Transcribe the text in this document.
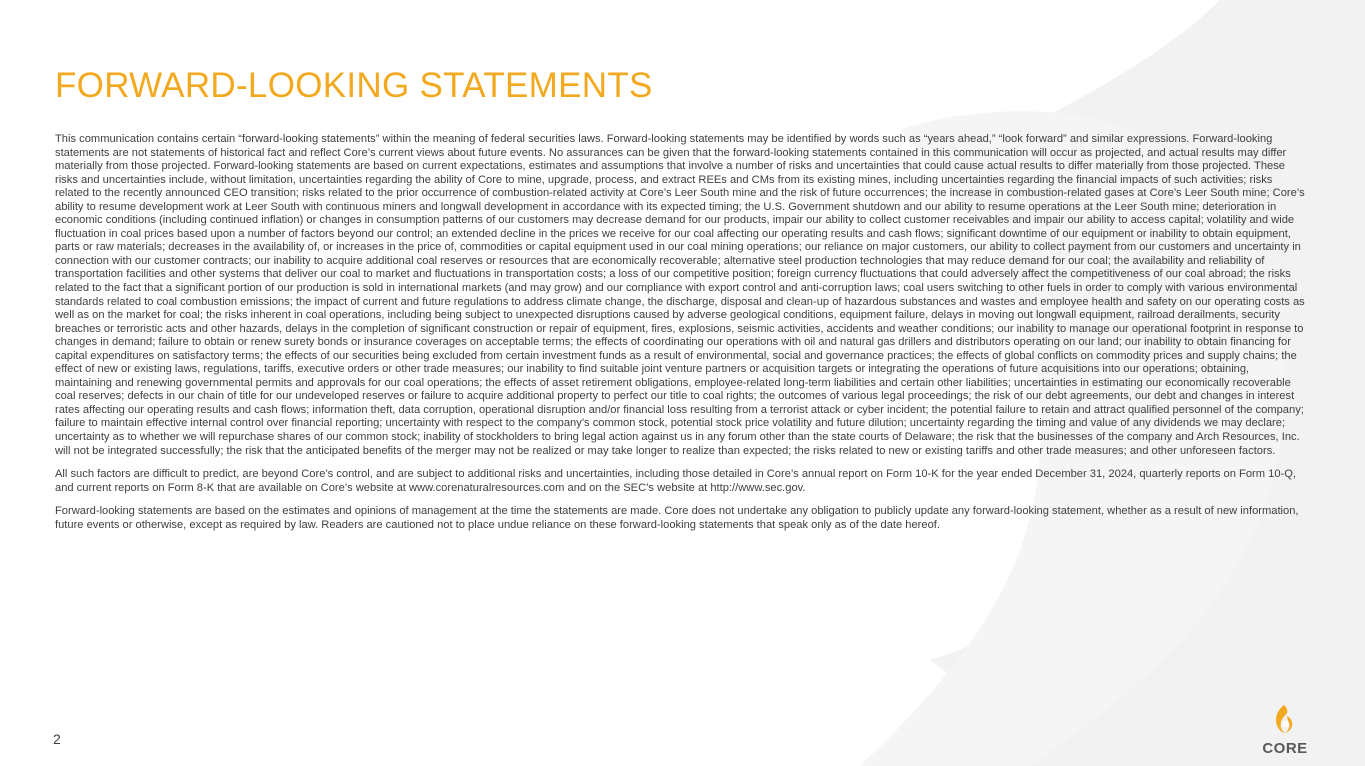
FORWARD-LOOKING STATEMENTS

This communication contains certain “forward-looking statements” within the meaning of federal securities laws. Forward-looking statements may be identified by words such as “years ahead,” “look forward” and similar expressions. Forward-looking statements are not statements of historical fact and reflect Core’s current views about future events. No assurances can be given that the forward-looking statements contained in this communication will occur as projected, and actual results may differ materially from those projected. Forward-looking statements are based on current expectations, estimates and assumptions that involve a number of risks and uncertainties that could cause actual results to differ materially from those projected. These risks and uncertainties include, without limitation, uncertainties regarding the ability of Core to mine, upgrade, process, and extract REEs and CMs from its existing mines, including uncertainties regarding the financial impacts of such activities; risks related to the recently announced CEO transition; risks related to the prior occurrence of combustion-related activity at Core’s Leer South mine and the risk of future occurrences; the increase in combustion-related gases at Core’s Leer South mine; Core’s ability to resume development work at Leer South with continuous miners and longwall development in accordance with its expected timing; the U.S. Government shutdown and our ability to resume operations at the Leer South mine; deterioration in economic conditions (including continued inflation) or changes in consumption patterns of our customers may decrease demand for our products, impair our ability to collect customer receivables and impair our ability to access capital; volatility and wide fluctuation in coal prices based upon a number of factors beyond our control; an extended decline in the prices we receive for our coal affecting our operating results and cash flows; significant downtime of our equipment or inability to obtain equipment, parts or raw materials; decreases in the availability of, or increases in the price of, commodities or capital equipment used in our coal mining operations; our reliance on major customers, our ability to collect payment from our customers and uncertainty in connection with our customer contracts; our inability to acquire additional coal reserves or resources that are economically recoverable; alternative steel production technologies that may reduce demand for our coal; the availability and reliability of transportation facilities and other systems that deliver our coal to market and fluctuations in transportation costs; a loss of our competitive position; foreign currency fluctuations that could adversely affect the competitiveness of our coal abroad; the risks related to the fact that a significant portion of our production is sold in international markets (and may grow) and our compliance with export control and anti-corruption laws; coal users switching to other fuels in order to comply with various environmental standards related to coal combustion emissions; the impact of current and future regulations to address climate change, the discharge, disposal and clean-up of hazardous substances and wastes and employee health and safety on our operating costs as well as on the market for coal; the risks inherent in coal operations, including being subject to unexpected disruptions caused by adverse geological conditions, equipment failure, delays in moving out longwall equipment, railroad derailments, security breaches or terroristic acts and other hazards, delays in the completion of significant construction or repair of equipment, fires, explosions, seismic activities, accidents and weather conditions; our inability to manage our operational footprint in response to changes in demand; failure to obtain or renew surety bonds or insurance coverages on acceptable terms; the effects of coordinating our operations with oil and natural gas drillers and distributors operating on our land; our inability to obtain financing for capital expenditures on satisfactory terms; the effects of our securities being excluded from certain investment funds as a result of environmental, social and governance practices; the effects of global conflicts on commodity prices and supply chains; the effect of new or existing laws, regulations, tariffs, executive orders or other trade measures; our inability to find suitable joint venture partners or acquisition targets or integrating the operations of future acquisitions into our operations; obtaining, maintaining and renewing governmental permits and approvals for our coal operations; the effects of asset retirement obligations, employee-related long-term liabilities and certain other liabilities; uncertainties in estimating our economically recoverable coal reserves; defects in our chain of title for our undeveloped reserves or failure to acquire additional property to perfect our title to coal rights; the outcomes of various legal proceedings; the risk of our debt agreements, our debt and changes in interest rates affecting our operating results and cash flows; information theft, data corruption, operational disruption and/or financial loss resulting from a terrorist attack or cyber incident; the potential failure to retain and attract qualified personnel of the company; failure to maintain effective internal control over financial reporting; uncertainty with respect to the company’s common stock, potential stock price volatility and future dilution; uncertainty regarding the timing and value of any dividends we may declare; uncertainty as to whether we will repurchase shares of our common stock; inability of stockholders to bring legal action against us in any forum other than the state courts of Delaware; the risk that the businesses of the company and Arch Resources, Inc. will not be integrated successfully; the risk that the anticipated benefits of the merger may not be realized or may take longer to realize than expected; the risks related to new or existing tariffs and other trade measures; and other unforeseen factors.

All such factors are difficult to predict, are beyond Core’s control, and are subject to additional risks and uncertainties, including those detailed in Core’s annual report on Form 10-K for the year ended December 31, 2024, quarterly reports on Form 10-Q, and current reports on Form 8-K that are available on Core’s website at www.corenaturalresources.com and on the SEC’s website at http://www.sec.gov.

Forward-looking statements are based on the estimates and opinions of management at the time the statements are made. Core does not undertake any obligation to publicly update any forward-looking statement, whether as a result of new information, future events or otherwise, except as required by law. Readers are cautioned not to place undue reliance on these forward-looking statements that speak only as of the date hereof.

2
CORE
